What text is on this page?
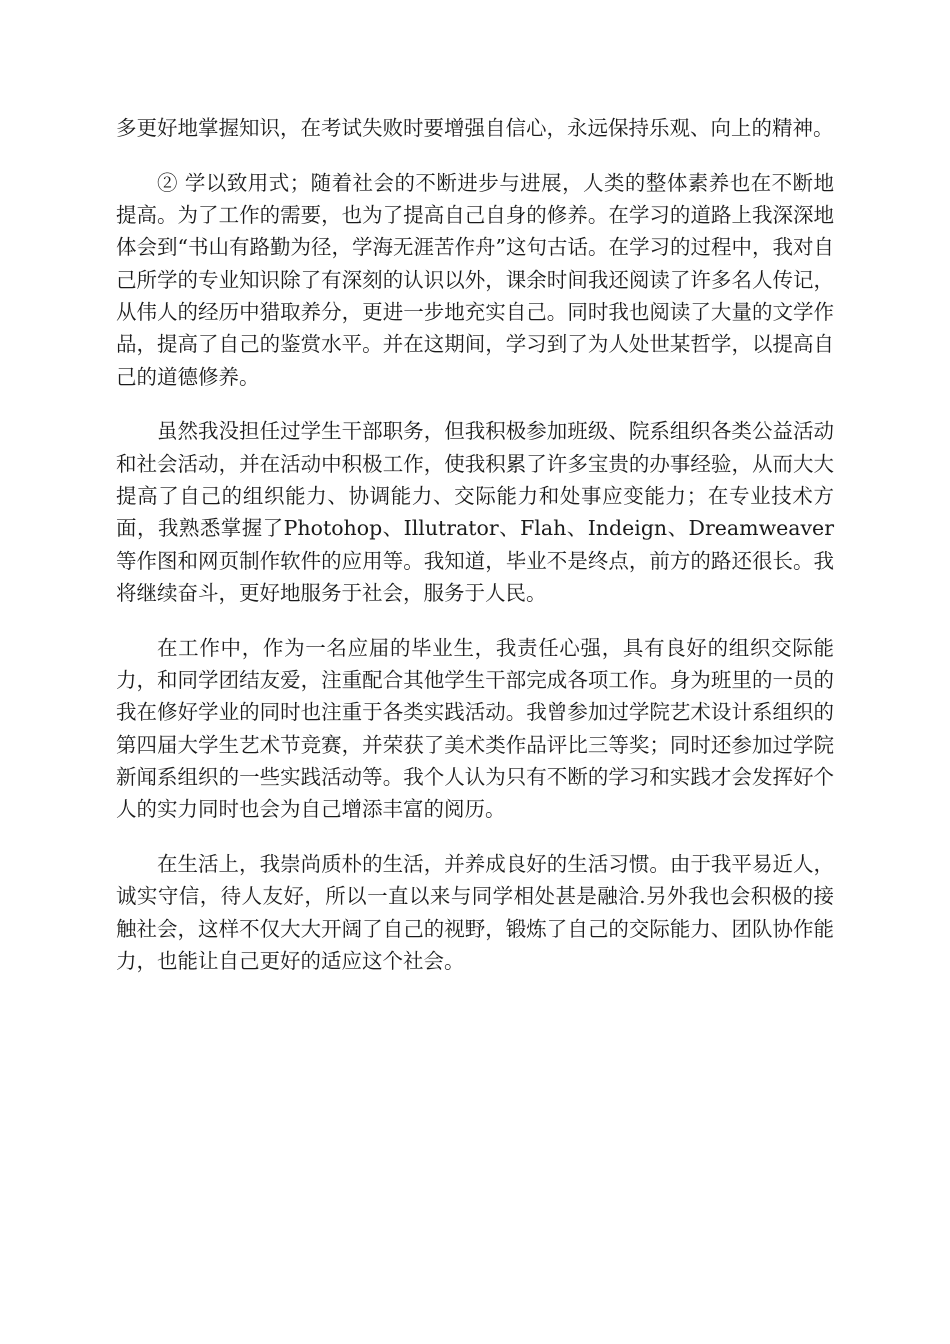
多更好地掌握知识，在考试失败时要增强自信心，永远保持乐观、向上的精神。

② 学以致用式；随着社会的不断进步与进展，人类的整体素养也在不断地提高。为了工作的需要，也为了提高自己自身的修养。在学习的道路上我深深地体会到“书山有路勤为径，学海无涯苦作舟”这句古话。在学习的过程中，我对自己所学的专业知识除了有深刻的认识以外，课余时间我还阅读了许多名人传记，从伟人的经历中猎取养分，更进一步地充实自己。同时我也阅读了大量的文学作品，提高了自己的鉴赏水平。并在这期间，学习到了为人处世某哲学，以提高自己的道德修养。

虽然我没担任过学生干部职务，但我积极参加班级、院系组织各类公益活动和社会活动，并在活动中积极工作，使我积累了许多宝贵的办事经验，从而大大提高了自己的组织能力、协调能力、交际能力和处事应变能力；在专业技术方面，我熟悉掌握了Photohop、Illutrator、Flah、Indeign、Dreamweaver等作图和网页制作软件的应用等。我知道，毕业不是终点，前方的路还很长。我将继续奋斗，更好地服务于社会，服务于人民。

在工作中，作为一名应届的毕业生，我责任心强，具有良好的组织交际能力，和同学团结友爱，注重配合其他学生干部完成各项工作。身为班里的一员的我在修好学业的同时也注重于各类实践活动。我曾参加过学院艺术设计系组织的第四届大学生艺术节竞赛，并荣获了美术类作品评比三等奖；同时还参加过学院新闻系组织的一些实践活动等。我个人认为只有不断的学习和实践才会发挥好个人的实力同时也会为自己增添丰富的阅历。

在生活上，我崇尚质朴的生活，并养成良好的生活习惯。由于我平易近人，诚实守信，待人友好，所以一直以来与同学相处甚是融洽.另外我也会积极的接触社会，这样不仅大大开阔了自己的视野，锻炼了自己的交际能力、团队协作能力，也能让自己更好的适应这个社会。
